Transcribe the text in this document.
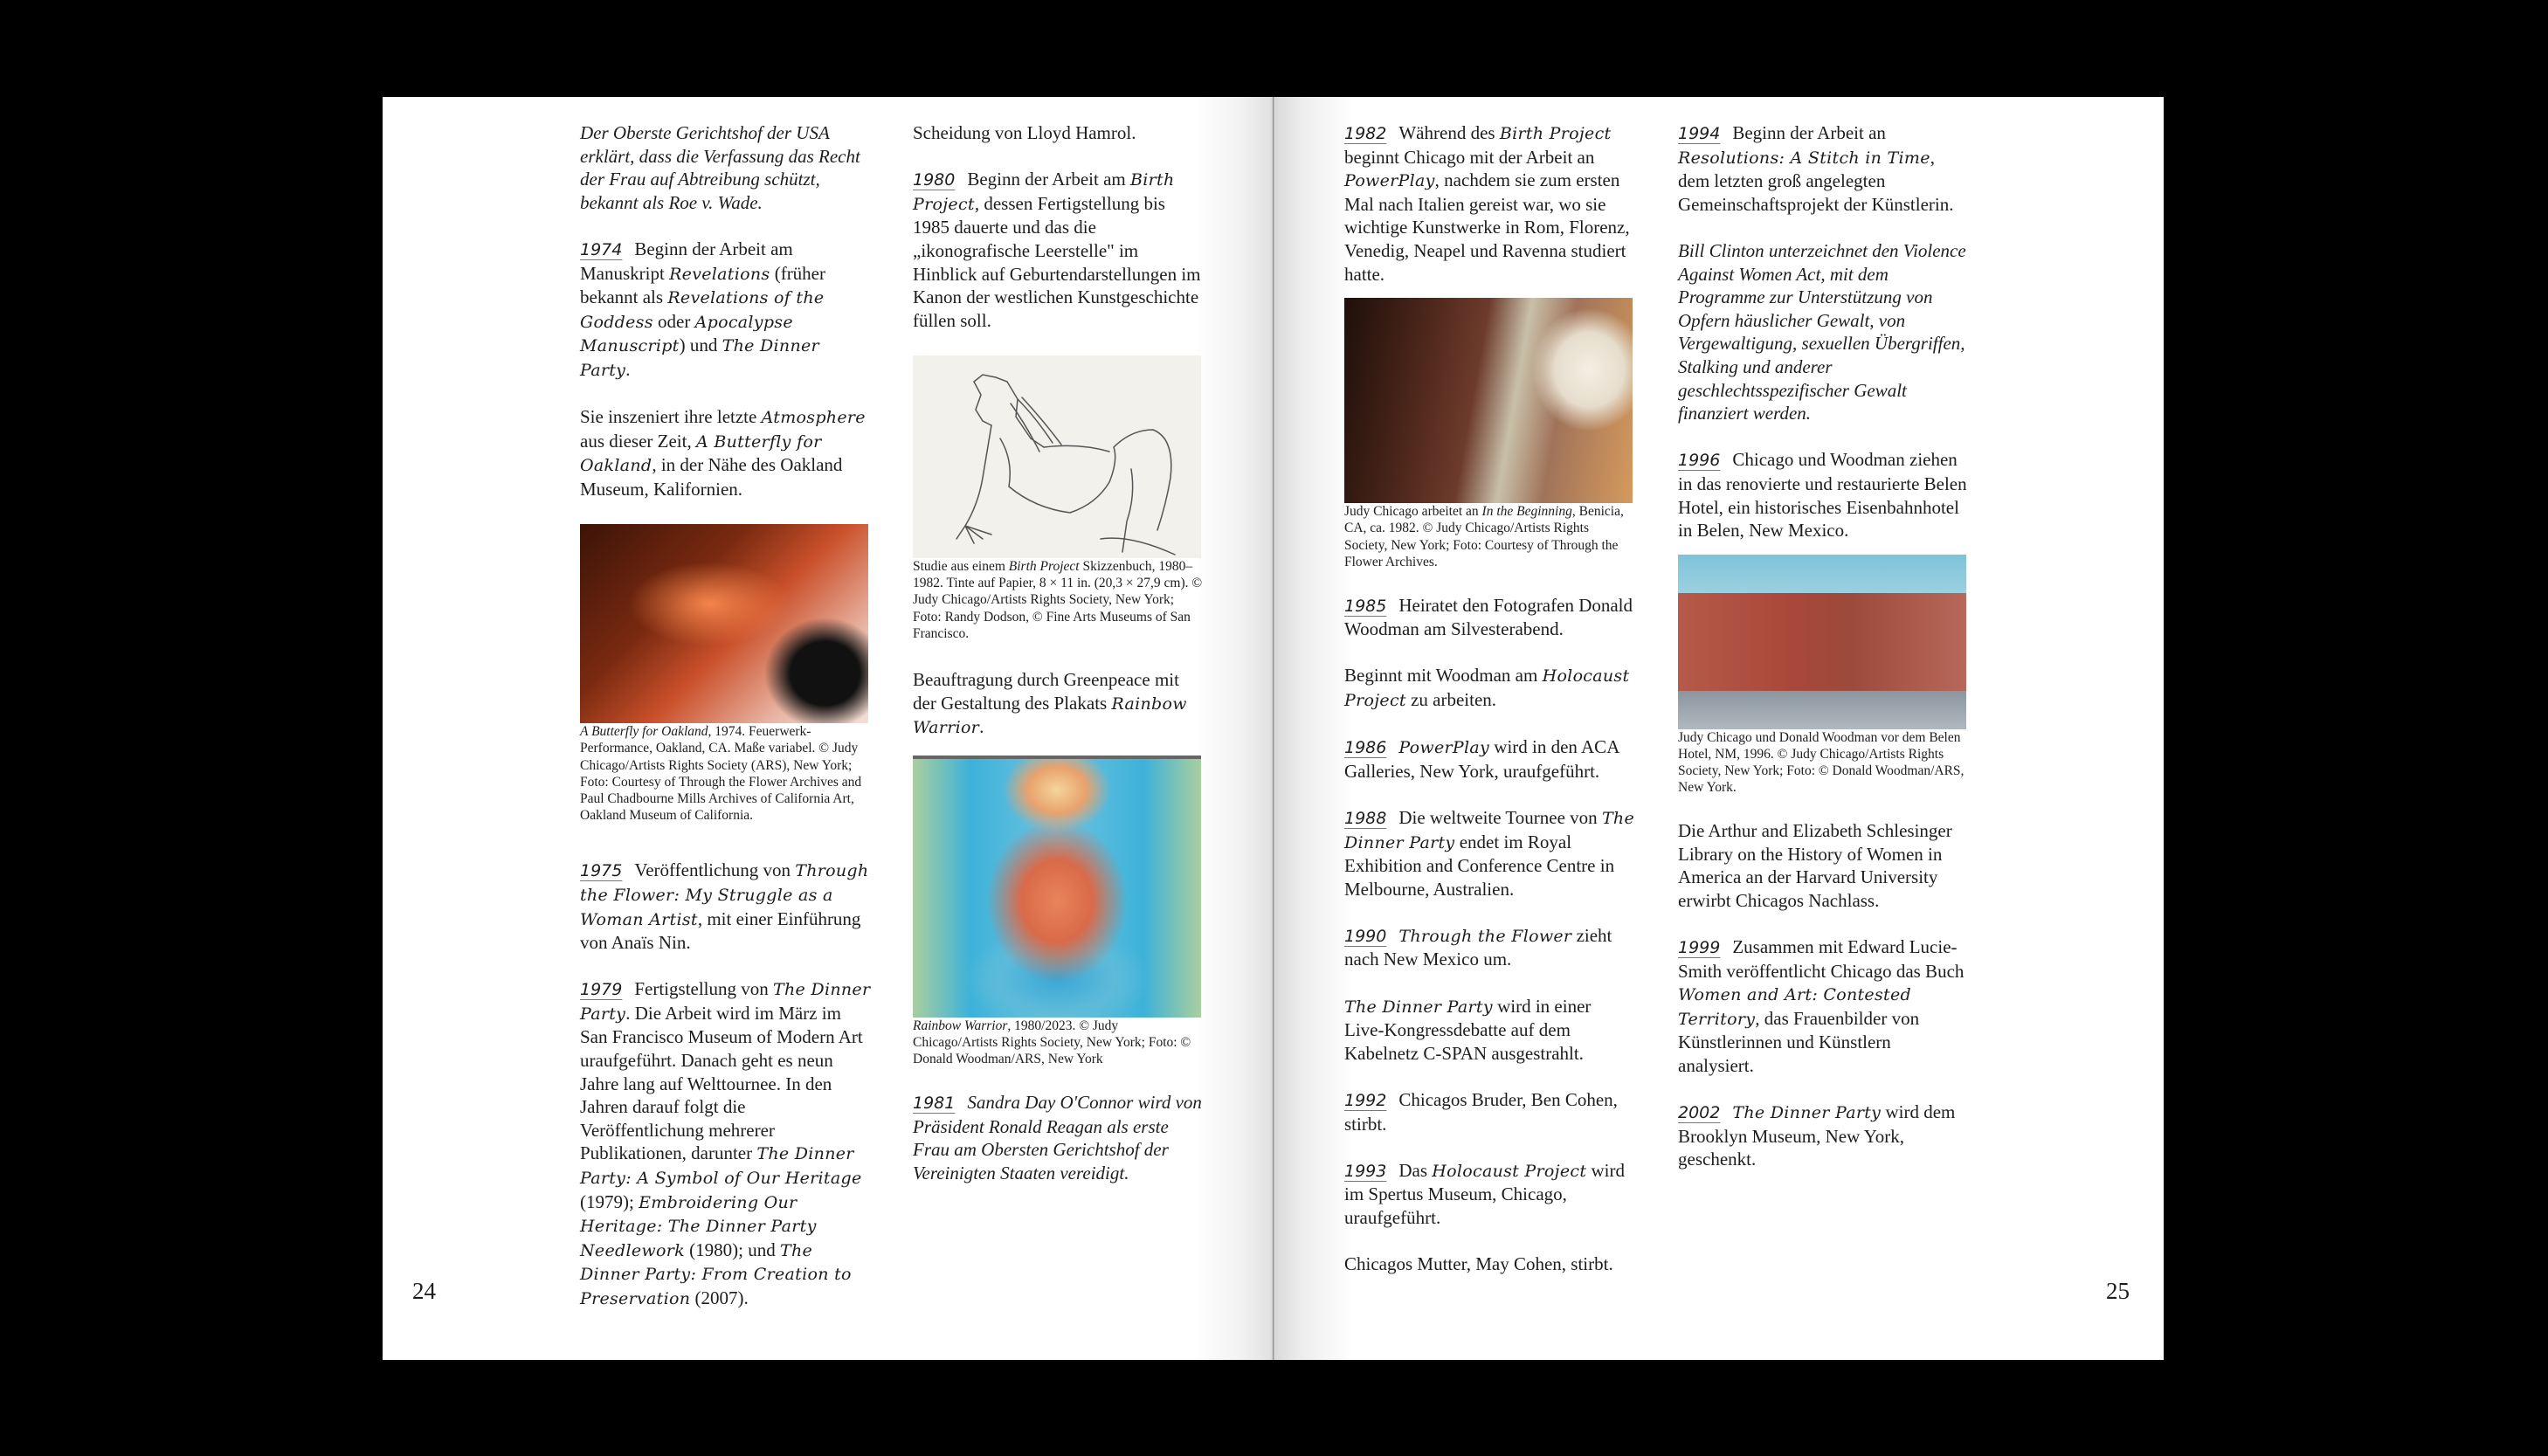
Der Oberste Gerichtshof der USA erklärt, dass die Verfassung das Recht der Frau auf Abtreibung schützt, bekannt als Roe v. Wade.

1974 Beginn der Arbeit am Manuskript Revelations (früher bekannt als Revelations of the Goddess oder Apocalypse Manuscript) und The Dinner Party.

Sie inszeniert ihre letzte Atmosphere aus dieser Zeit, A Butterfly for Oakland, in der Nähe des Oakland Museum, Kalifornien.

A Butterfly for Oakland, 1974. Feuerwerk-Performance, Oakland, CA. Maße variabel. © Judy Chicago/Artists Rights Society (ARS), New York; Foto: Courtesy of Through the Flower Archives and Paul Chadbourne Mills Archives of California Art, Oakland Museum of California.

1975 Veröffentlichung von Through the Flower: My Struggle as a Woman Artist, mit einer Einführung von Anaïs Nin.

1979 Fertigstellung von The Dinner Party. Die Arbeit wird im März im San Francisco Museum of Modern Art uraufgeführt. Danach geht es neun Jahre lang auf Welttournee. In den Jahren darauf folgt die Veröffentlichung mehrerer Publikationen, darunter The Dinner Party: A Symbol of Our Heritage (1979); Embroidering Our Heritage: The Dinner Party Needlework (1980); und The Dinner Party: From Creation to Preservation (2007).

Scheidung von Lloyd Hamrol.

1980 Beginn der Arbeit am Birth Project, dessen Fertigstellung bis 1985 dauerte und das die „ikonografische Leerstelle" im Hinblick auf Geburtendarstellungen im Kanon der westlichen Kunstgeschichte füllen soll.

Studie aus einem Birth Project Skizzenbuch, 1980–1982. Tinte auf Papier, 8 × 11 in. (20,3 × 27,9 cm). © Judy Chicago/Artists Rights Society, New York; Foto: Randy Dodson, © Fine Arts Museums of San Francisco.

Beauftragung durch Greenpeace mit der Gestaltung des Plakats Rainbow Warrior.

Rainbow Warrior, 1980/2023. © Judy Chicago/Artists Rights Society, New York; Foto: © Donald Woodman/ARS, New York

1981 Sandra Day O'Connor wird von Präsident Ronald Reagan als erste Frau am Obersten Gerichtshof der Vereinigten Staaten vereidigt.

24

1982 Während des Birth Project beginnt Chicago mit der Arbeit an PowerPlay, nachdem sie zum ersten Mal nach Italien gereist war, wo sie wichtige Kunstwerke in Rom, Florenz, Venedig, Neapel und Ravenna studiert hatte.

Judy Chicago arbeitet an In the Beginning, Benicia, CA, ca. 1982. © Judy Chicago/Artists Rights Society, New York; Foto: Courtesy of Through the Flower Archives.

1985 Heiratet den Fotografen Donald Woodman am Silvesterabend.

Beginnt mit Woodman am Holocaust Project zu arbeiten.

1986 PowerPlay wird in den ACA Galleries, New York, uraufgeführt.

1988 Die weltweite Tournee von The Dinner Party endet im Royal Exhibition and Conference Centre in Melbourne, Australien.

1990 Through the Flower zieht nach New Mexico um.

The Dinner Party wird in einer Live-Kongressdebatte auf dem Kabelnetz C-SPAN ausgestrahlt.

1992 Chicagos Bruder, Ben Cohen, stirbt.

1993 Das Holocaust Project wird im Spertus Museum, Chicago, uraufgeführt.

Chicagos Mutter, May Cohen, stirbt.

1994 Beginn der Arbeit an Resolutions: A Stitch in Time, dem letzten groß angelegten Gemeinschaftsprojekt der Künstlerin.

Bill Clinton unterzeichnet den Violence Against Women Act, mit dem Programme zur Unterstützung von Opfern häuslicher Gewalt, von Vergewaltigung, sexuellen Übergriffen, Stalking und anderer geschlechtsspezifischer Gewalt finanziert werden.

1996 Chicago und Woodman ziehen in das renovierte und restaurierte Belen Hotel, ein historisches Eisenbahnhotel in Belen, New Mexico.

Judy Chicago und Donald Woodman vor dem Belen Hotel, NM, 1996. © Judy Chicago/Artists Rights Society, New York; Foto: © Donald Woodman/ARS, New York.

Die Arthur and Elizabeth Schlesinger Library on the History of Women in America an der Harvard University erwirbt Chicagos Nachlass.

1999 Zusammen mit Edward Lucie-Smith veröffentlicht Chicago das Buch Women and Art: Contested Territory, das Frauenbilder von Künstlerinnen und Künstlern analysiert.

2002 The Dinner Party wird dem Brooklyn Museum, New York, geschenkt.

25
